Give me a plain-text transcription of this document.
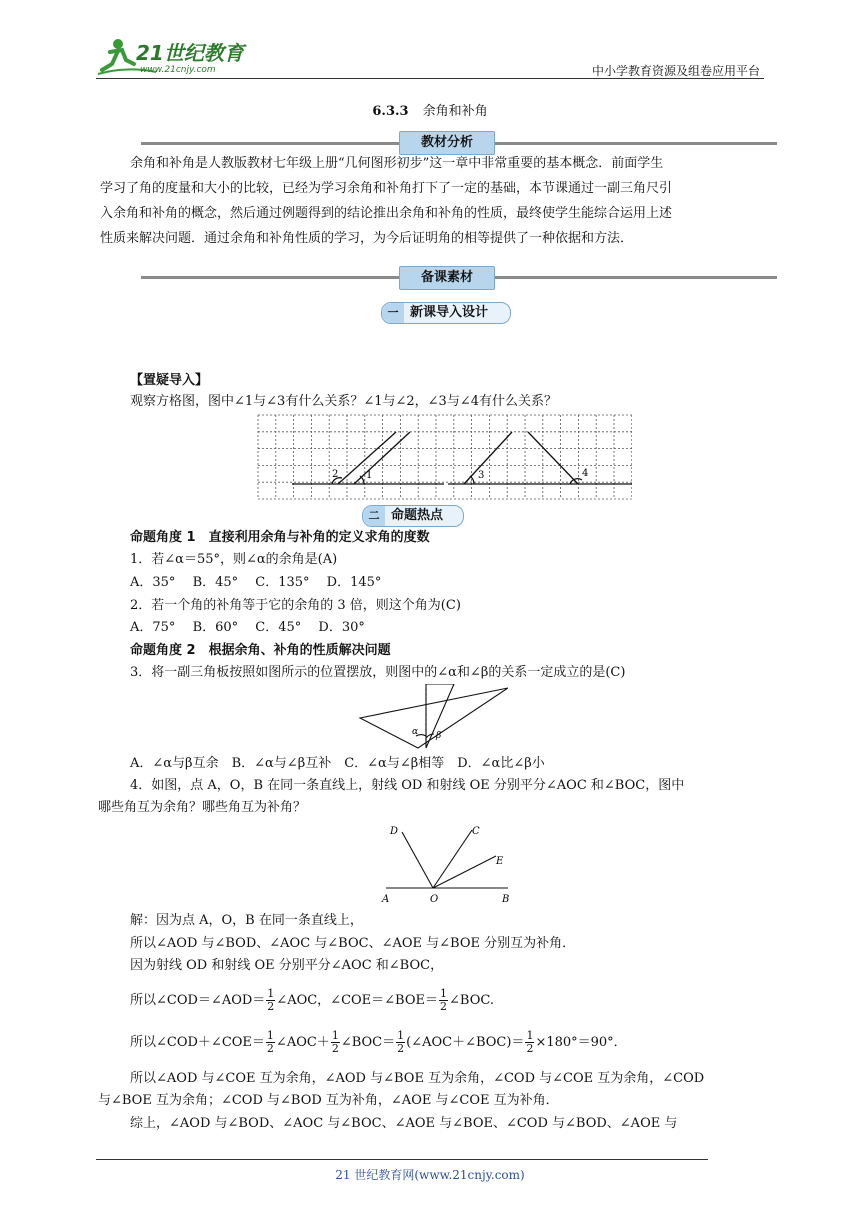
21世纪教育
www.21cnjy.com	中小学教育资源及组卷应用平台
6.3.3 余角和补角
教材分析

余角和补角是人教版教材七年级上册“几何图形初步”这一章中非常重要的基本概念．前面学生

学习了角的度量和大小的比较，已经为学习余角和补角打下了一定的基础，本节课通过一副三角尺引

入余角和补角的概念，然后通过例题得到的结论推出余角和补角的性质，最终使学生能综合运用上述

性质来解决问题．通过余角和补角性质的学习，为今后证明角的相等提供了一种依据和方法．

备课素材
一 新课导入设计
【置疑导入】
观察方格图，图中∠1与∠3有什么关系？∠1与∠2，∠3与∠4有什么关系？
2	1	3	4
二 命题热点
命题角度 1　直接利用余角与补角的定义求角的度数
1．若∠α＝55°，则∠α的余角是(A)
A．35°　 B．45°　 C．135°　 D．145°
2．若一个角的补角等于它的余角的 3 倍，则这个角为(C)
A．75°　 B．60°　 C．45°　 D．30°
命题角度 2　根据余角、补角的性质解决问题
3．将一副三角板按照如图所示的位置摆放，则图中的∠α和∠β的关系一定成立的是(C)
α β
A．∠α与β互余　B．∠α与∠β互补　C．∠α与∠β相等　D．∠α比∠β小
4．如图，点 A，O，B 在同一条直线上，射线 OD 和射线 OE 分别平分∠AOC 和∠BOC，图中
哪些角互为余角？哪些角互为补角？
D	C
E
A	O	B
解：因为点 A，O，B 在同一条直线上，
所以∠AOD 与∠BOD、∠AOC 与∠BOC、∠AOE 与∠BOE 分别互为补角．
因为射线 OD 和射线 OE 分别平分∠AOC 和∠BOC，
所以∠COD＝∠AOD＝ $\frac{1}{2}$ ∠AOC，∠COE＝∠BOE＝ $\frac{1}{2}$ ∠BOC.
所以∠COD＋∠COE＝ $\frac{1}{2}$ ∠AOC＋ $\frac{1}{2}$ ∠BOC＝ $\frac{1}{2}$ (∠AOC＋∠BOC)＝ $\frac{1}{2} \times 180^\circ=90^\circ$．
所以∠AOD 与∠COE 互为余角，∠AOD 与∠BOE 互为余角，∠COD 与∠COE 互为余角，∠COD
与∠BOE 互为余角；∠COD 与∠BOD 互为补角，∠AOE 与∠COE 互为补角．
综上，∠AOD 与∠BOD、∠AOC 与∠BOC、∠AOE 与∠BOE、∠COD 与∠BOD、∠AOE 与
21 世纪教育网(www.21cnjy.com)
